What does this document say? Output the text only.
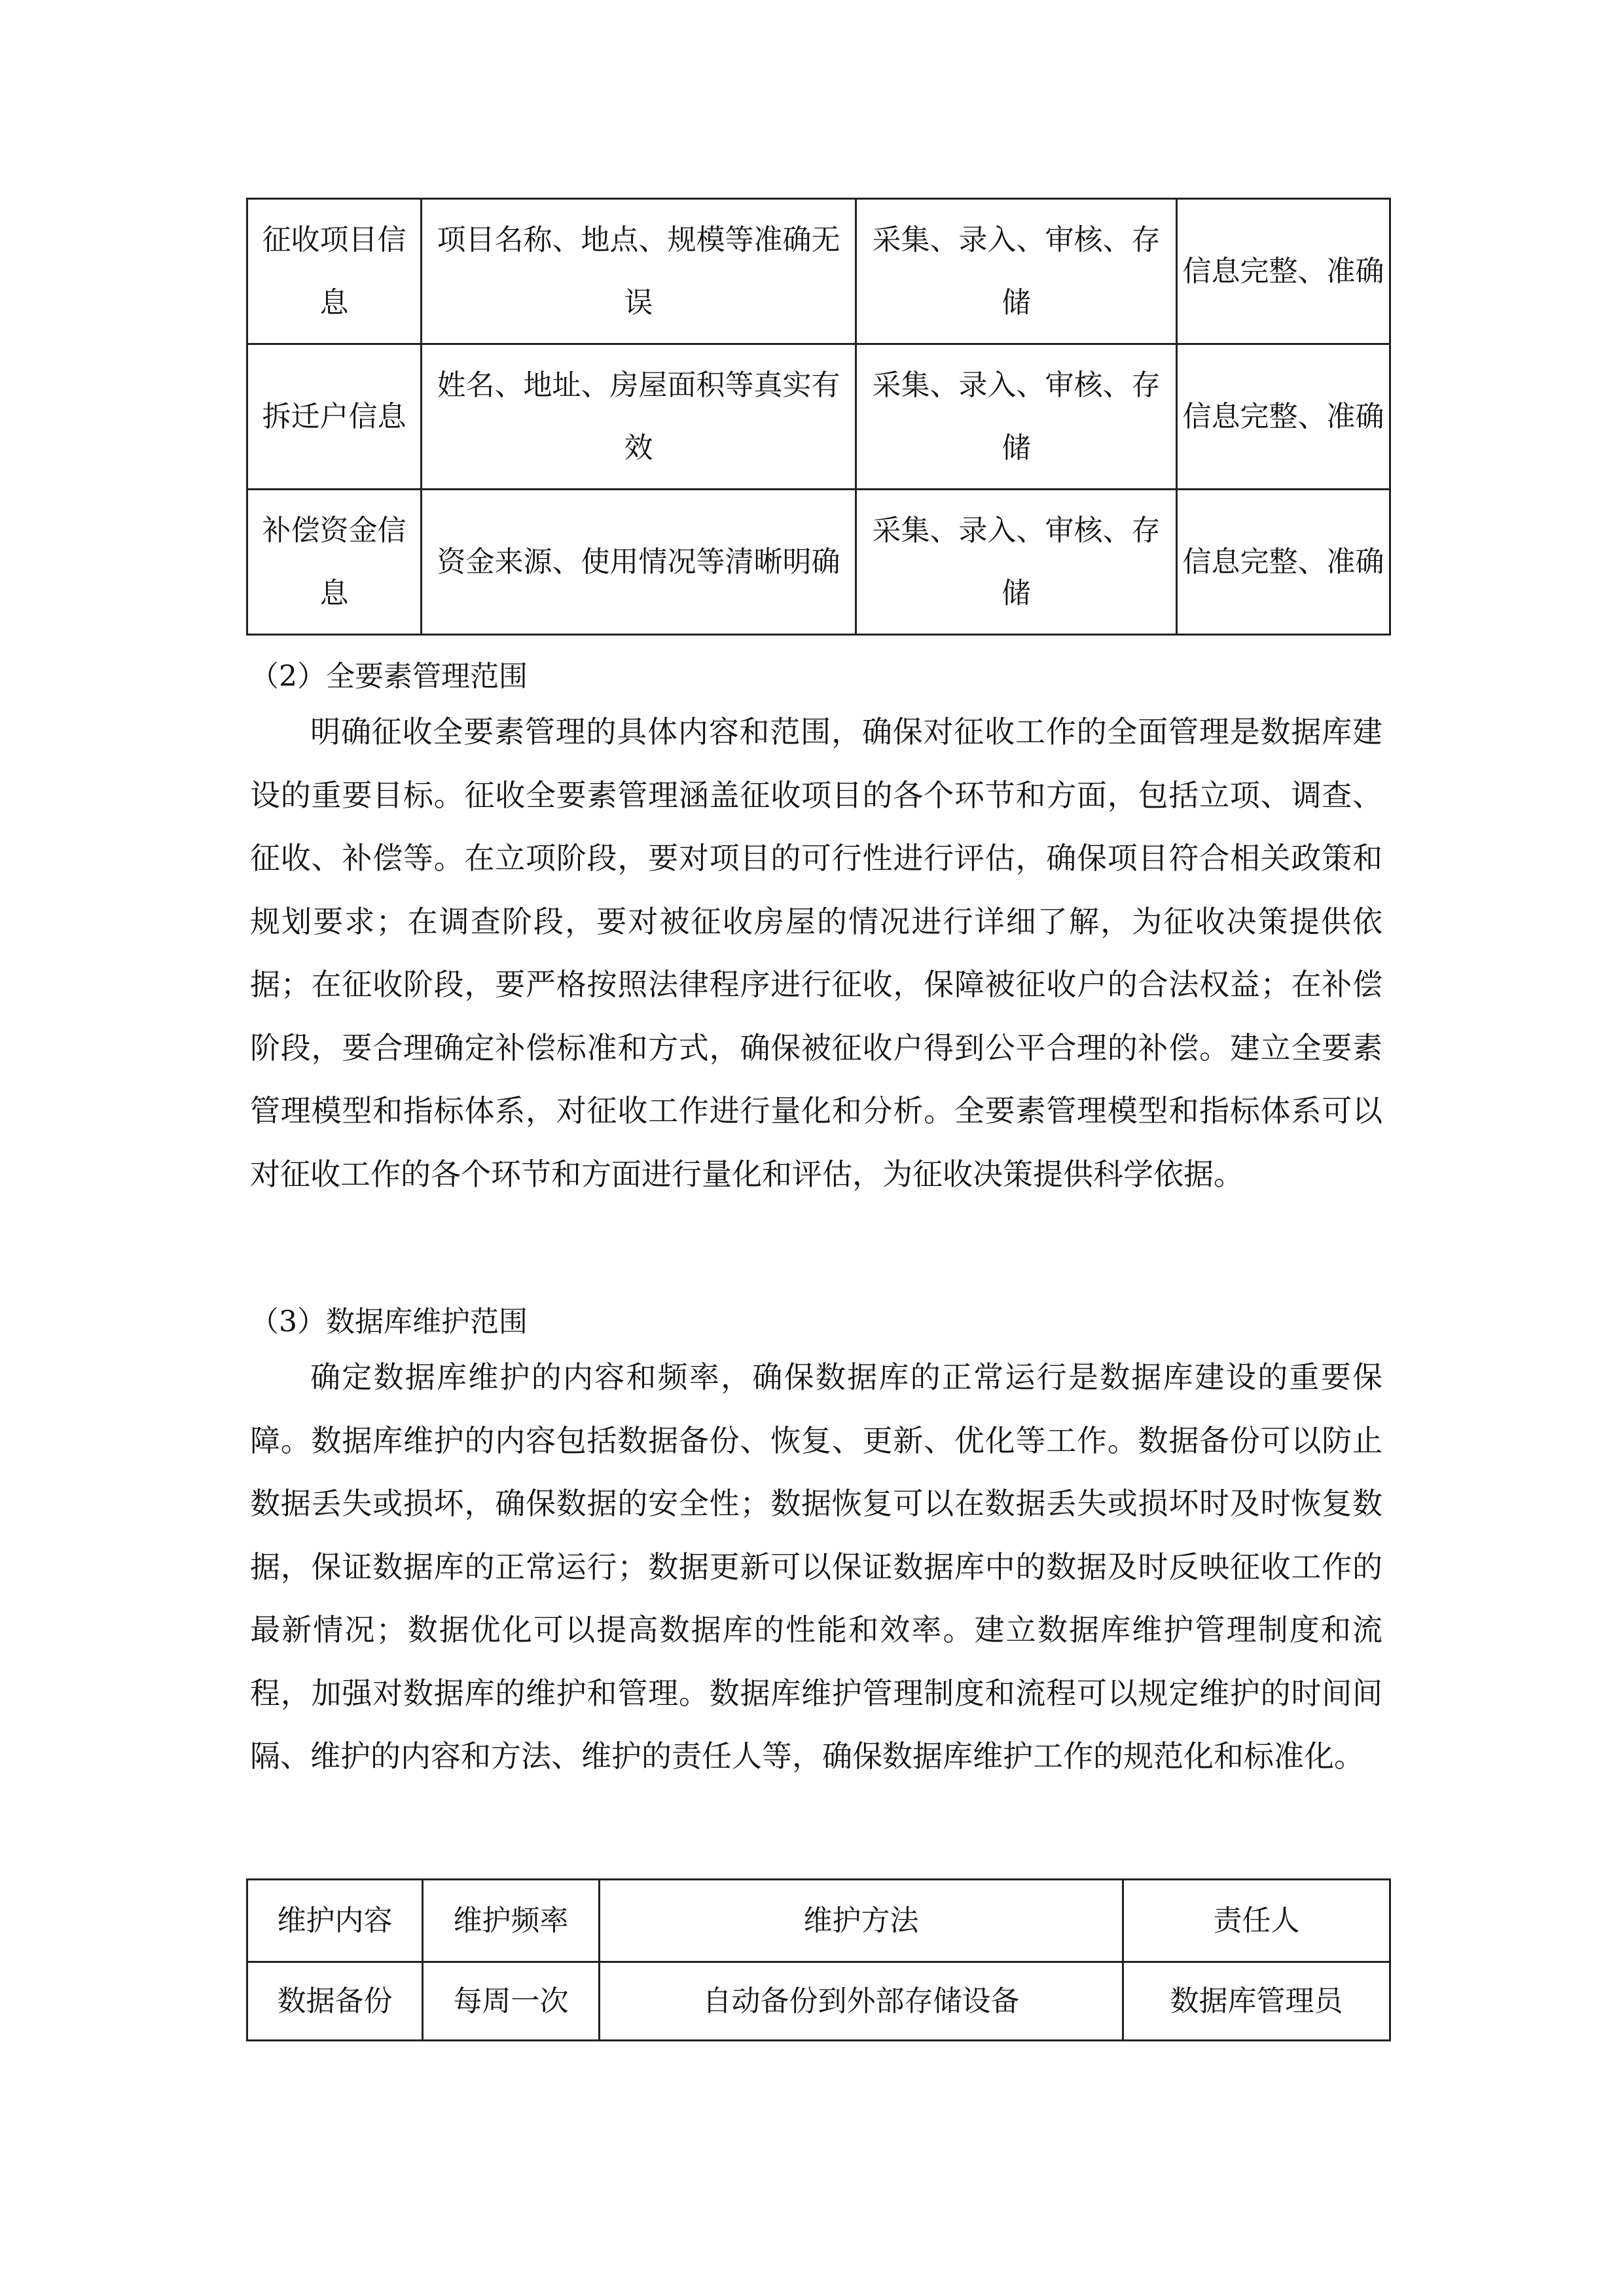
征收项目信息	项目名称、地点、规模等准确无误	采集、录入、审核、存储	信息完整、准确
拆迁户信息	姓名、地址、房屋面积等真实有效	采集、录入、审核、存储	信息完整、准确
补偿资金信息	资金来源、使用情况等清晰明确	采集、录入、审核、存储	信息完整、准确
（2）全要素管理范围

明确征收全要素管理的具体内容和范围，确保对征收工作的全面管理是数据库建设的重要目标。征收全要素管理涵盖征收项目的各个环节和方面，包括立项、调查、征收、补偿等。在立项阶段，要对项目的可行性进行评估，确保项目符合相关政策和规划要求；在调查阶段，要对被征收房屋的情况进行详细了解，为征收决策提供依据；在征收阶段，要严格按照法律程序进行征收，保障被征收户的合法权益；在补偿阶段，要合理确定补偿标准和方式，确保被征收户得到公平合理的补偿。建立全要素管理模型和指标体系，对征收工作进行量化和分析。全要素管理模型和指标体系可以对征收工作的各个环节和方面进行量化和评估，为征收决策提供科学依据。

（3）数据库维护范围

确定数据库维护的内容和频率，确保数据库的正常运行是数据库建设的重要保障。数据库维护的内容包括数据备份、恢复、更新、优化等工作。数据备份可以防止数据丢失或损坏，确保数据的安全性；数据恢复可以在数据丢失或损坏时及时恢复数据，保证数据库的正常运行；数据更新可以保证数据库中的数据及时反映征收工作的最新情况；数据优化可以提高数据库的性能和效率。建立数据库维护管理制度和流程，加强对数据库的维护和管理。数据库维护管理制度和流程可以规定维护的时间间隔、维护的内容和方法、维护的责任人等，确保数据库维护工作的规范化和标准化。

维护内容	维护频率	维护方法	责任人
数据备份	每周一次	自动备份到外部存储设备	数据库管理员
